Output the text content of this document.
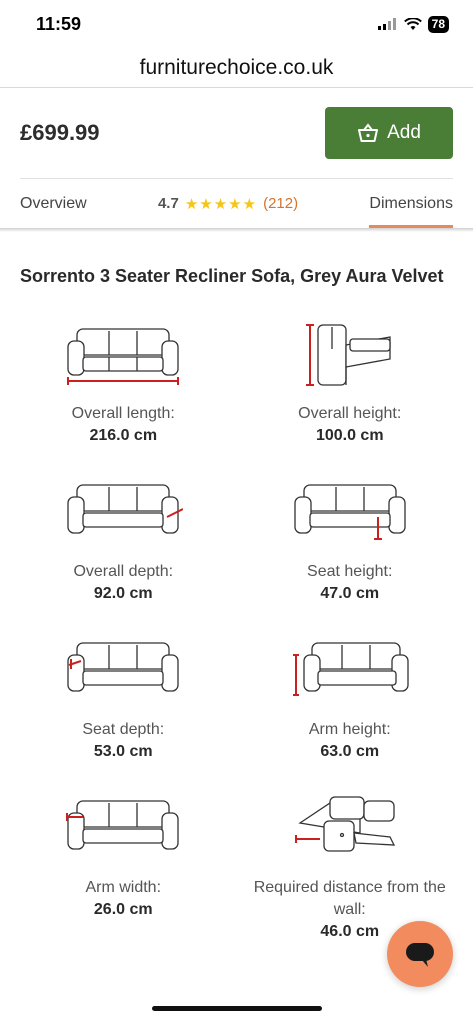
11:59	78
furniturechoice.co.uk
£699.99	Add
Overview	4.7 ★★★★★ (212)	Dimensions
Sorrento 3 Seater Recliner Sofa, Grey Aura Velvet
Overall length:
216.0 cm
Overall height:
100.0 cm
Overall depth:
92.0 cm
Seat height:
47.0 cm
Seat depth:
53.0 cm
Arm height:
63.0 cm
Arm width:
26.0 cm
Required distance from the wall:
46.0 cm
